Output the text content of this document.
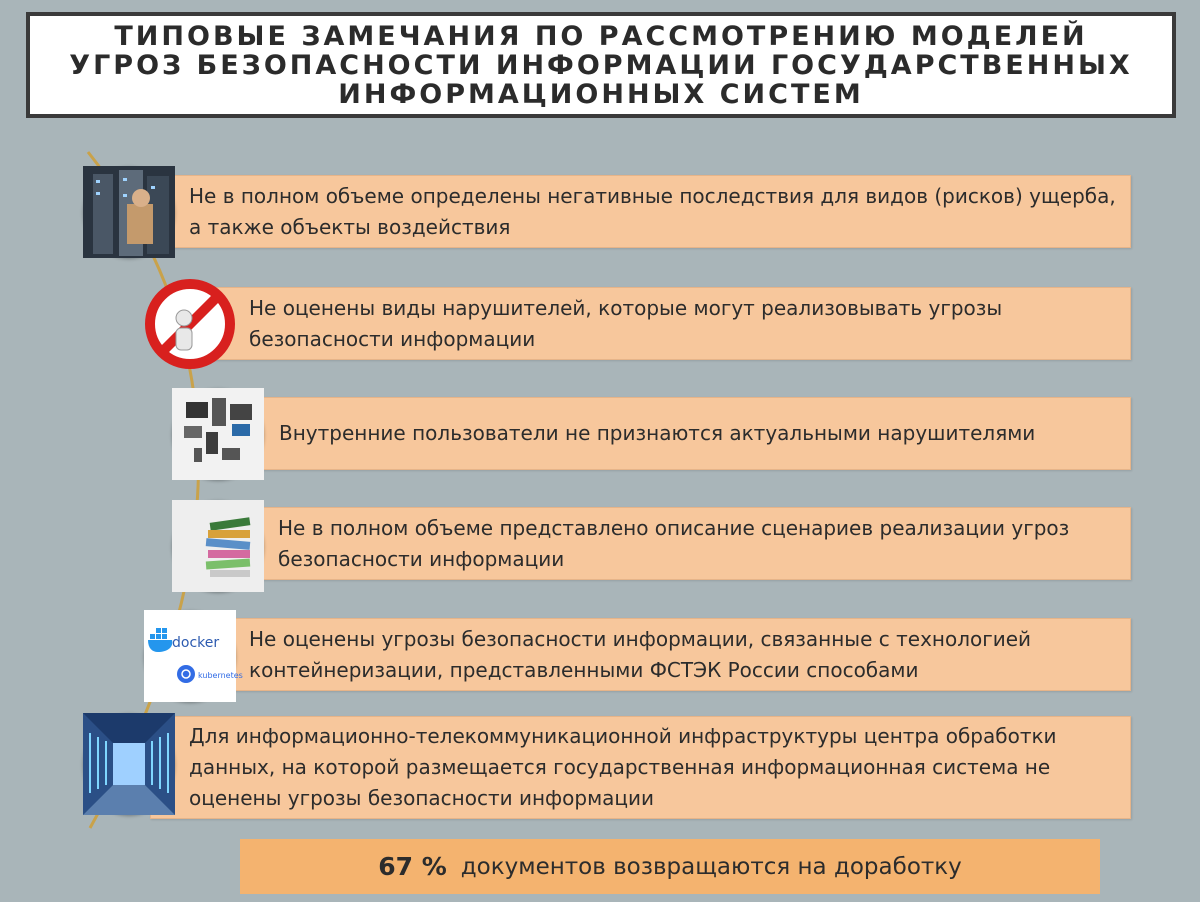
ТИПОВЫЕ ЗАМЕЧАНИЯ ПО РАССМОТРЕНИЮ МОДЕЛЕЙ УГРОЗ БЕЗОПАСНОСТИ ИНФОРМАЦИИ ГОСУДАРСТВЕННЫХ ИНФОРМАЦИОННЫХ СИСТЕМ
Не в полном объеме определены негативные последствия для видов (рисков) ущерба, а также объекты воздействия
Не оценены виды нарушителей, которые могут реализовывать угрозы безопасности информации
Внутренние пользователи не признаются актуальными нарушителями
Не в полном объеме представлено описание сценариев реализации угроз безопасности информации
Не оценены угрозы безопасности информации, связанные с технологией контейнеризации, представленными ФСТЭК России способами
docker
kubernetes
Для информационно-телекоммуникационной инфраструктуры центра обработки данных, на которой размещается государственная информационная система не оценены угрозы безопасности информации
67 % документов возвращаются на доработку
